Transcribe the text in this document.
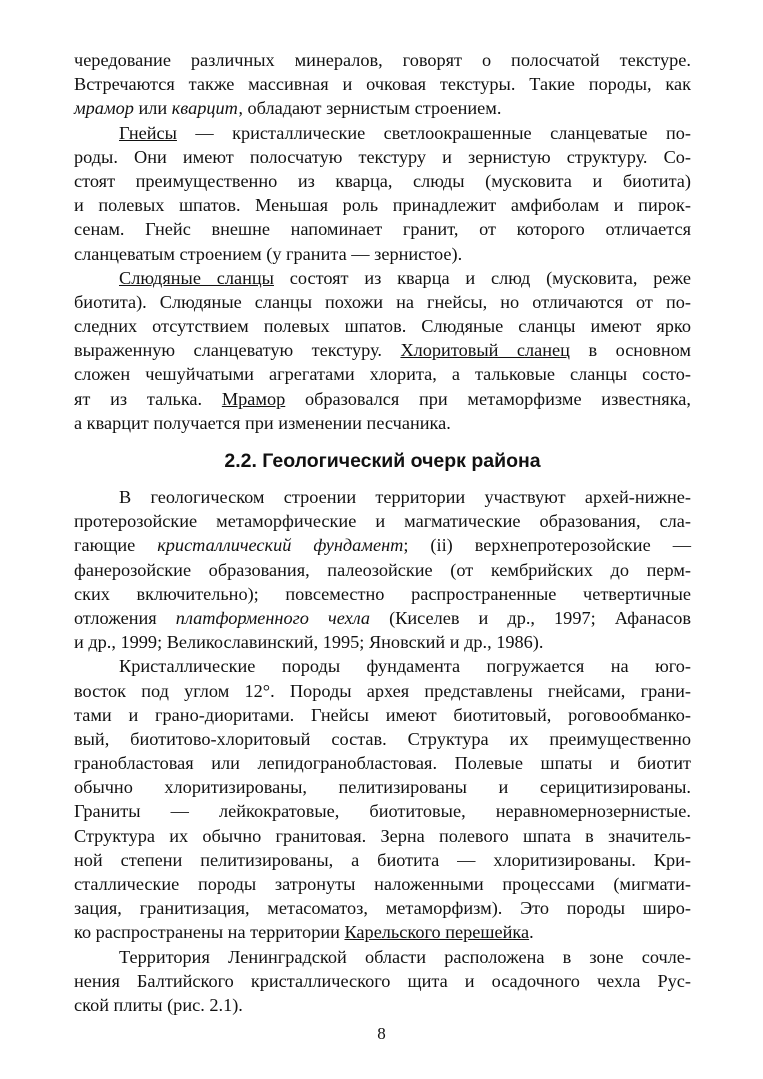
чередование различных минералов, говорят о полосчатой текстуре.
Встречаются также массивная и очковая текстуры. Такие породы, как
мрамор или кварцит, обладают зернистым строением.
Гнейсы — кристаллические светлоокрашенные сланцеватые по-
роды. Они имеют полосчатую текстуру и зернистую структуру. Со-
стоят преимущественно из кварца, слюды (мусковита и биотита)
и полевых шпатов. Меньшая роль принадлежит амфиболам и пирок-
сенам. Гнейс внешне напоминает гранит, от которого отличается
сланцеватым строением (у гранита — зернистое).
Слюдяные сланцы состоят из кварца и слюд (мусковита, реже
биотита). Слюдяные сланцы похожи на гнейсы, но отличаются от по-
следних отсутствием полевых шпатов. Слюдяные сланцы имеют ярко
выраженную сланцеватую текстуру. Хлоритовый сланец в основном
сложен чешуйчатыми агрегатами хлорита, а тальковые сланцы состо-
ят из талька. Мрамор образовался при метаморфизме известняка,
а кварцит получается при изменении песчаника.
2.2. Геологический очерк района
В геологическом строении территории участвуют архей-нижне-
протерозойские метаморфические и магматические образования, сла-
гающие кристаллический фундамент; (ii) верхнепротерозойские —
фанерозойские образования, палеозойские (от кембрийских до перм-
ских включительно); повсеместно распространенные четвертичные
отложения платформенного чехла (Киселев и др., 1997; Афанасов
и др., 1999; Великославинский, 1995; Яновский и др., 1986).
Кристаллические породы фундамента погружается на юго-
восток под углом 12°. Породы архея представлены гнейсами, грани-
тами и грано-диоритами. Гнейсы имеют биотитовый, роговообманко-
вый, биотитово-хлоритовый состав. Структура их преимущественно
гранобластовая или лепидогранобластовая. Полевые шпаты и биотит
обычно хлоритизированы, пелитизированы и серицитизированы.
Граниты — лейкократовые, биотитовые, неравномернозернистые.
Структура их обычно гранитовая. Зерна полевого шпата в значитель-
ной степени пелитизированы, а биотита — хлоритизированы. Кри-
сталлические породы затронуты наложенными процессами (мигмати-
зация, гранитизация, метасоматоз, метаморфизм). Это породы широ-
ко распространены на территории Карельского перешейка.
Территория Ленинградской области расположена в зоне сочле-
нения Балтийского кристаллического щита и осадочного чехла Рус-
ской плиты (рис. 2.1).
8
